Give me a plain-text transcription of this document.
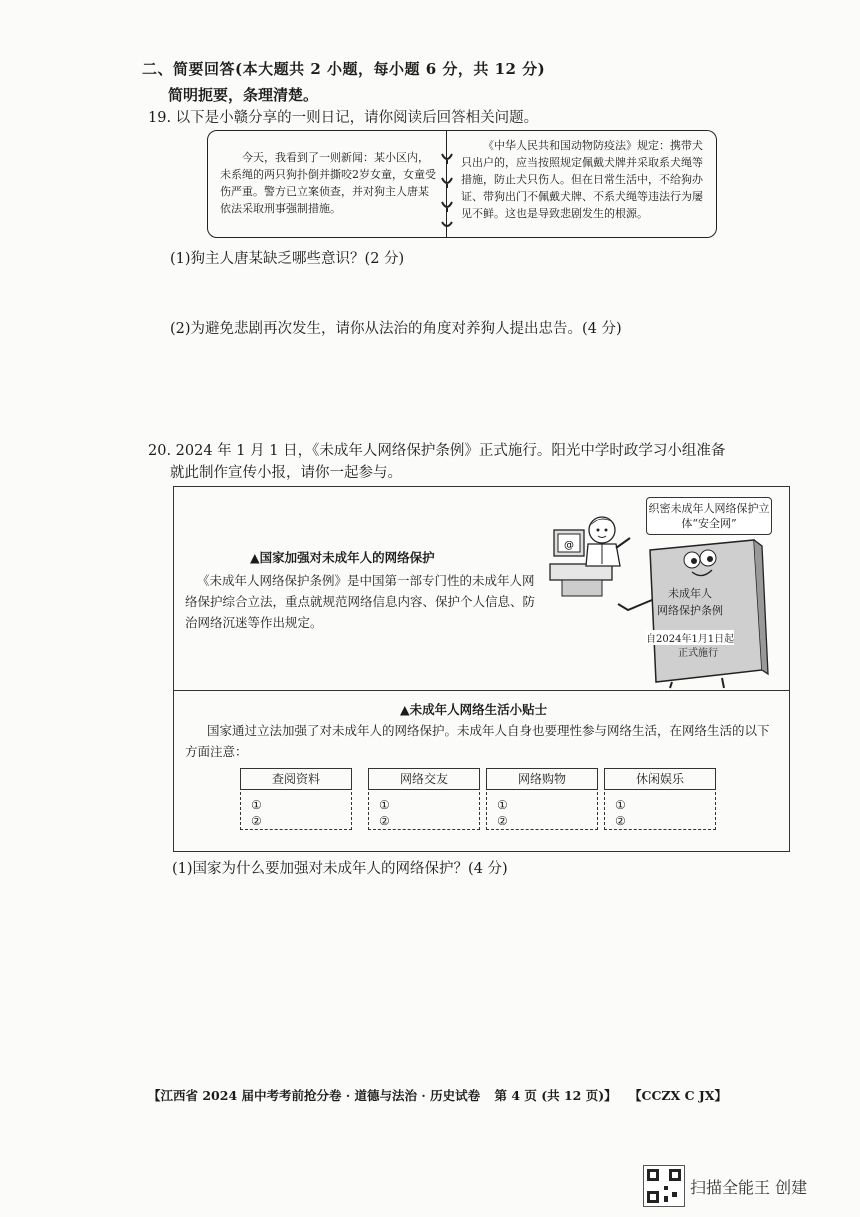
二、简要回答(本大题共 2 小题，每小题 6 分，共 12 分)
简明扼要，条理清楚。
19. 以下是小赣分享的一则日记，请你阅读后回答相关问题。
今天，我看到了一则新闻：某小区内，未系绳的两只狗扑倒并撕咬2岁女童，女童受伤严重。警方已立案侦查，并对狗主人唐某依法采取刑事强制措施。
《中华人民共和国动物防疫法》规定：携带犬只出户的，应当按照规定佩戴犬牌并采取系犬绳等措施，防止犬只伤人。但在日常生活中，不给狗办证、带狗出门不佩戴犬牌、不系犬绳等违法行为屡见不鲜。这也是导致悲剧发生的根源。
(1)狗主人唐某缺乏哪些意识？(2 分)
(2)为避免悲剧再次发生，请你从法治的角度对养狗人提出忠告。(4 分)
20. 2024 年 1 月 1 日，《未成年人网络保护条例》正式施行。阳光中学时政学习小组准备
就此制作宣传小报，请你一起参与。
▲国家加强对未成年人的网络保护
《未成年人网络保护条例》是中国第一部专门性的未成年人网络保护综合立法，重点就规范网络信息内容、保护个人信息、防治网络沉迷等作出规定。
@
织密未成年人网络保护立体“安全网”
未成年人
网络保护条例
自2024年1月1日起
正式施行
▲未成年人网络生活小贴士
国家通过立法加强了对未成年人的网络保护。未成年人自身也要理性参与网络生活，在网络生活的以下方面注意：
查阅资料
①
②
网络交友
①
②
网络购物
①
②
休闲娱乐
①
②
(1)国家为什么要加强对未成年人的网络保护？(4 分)
【江西省 2024 届中考考前抢分卷 · 道德与法治 · 历史试卷 第 4 页 (共 12 页)】 【CCZX C JX】
扫描全能王 创建
